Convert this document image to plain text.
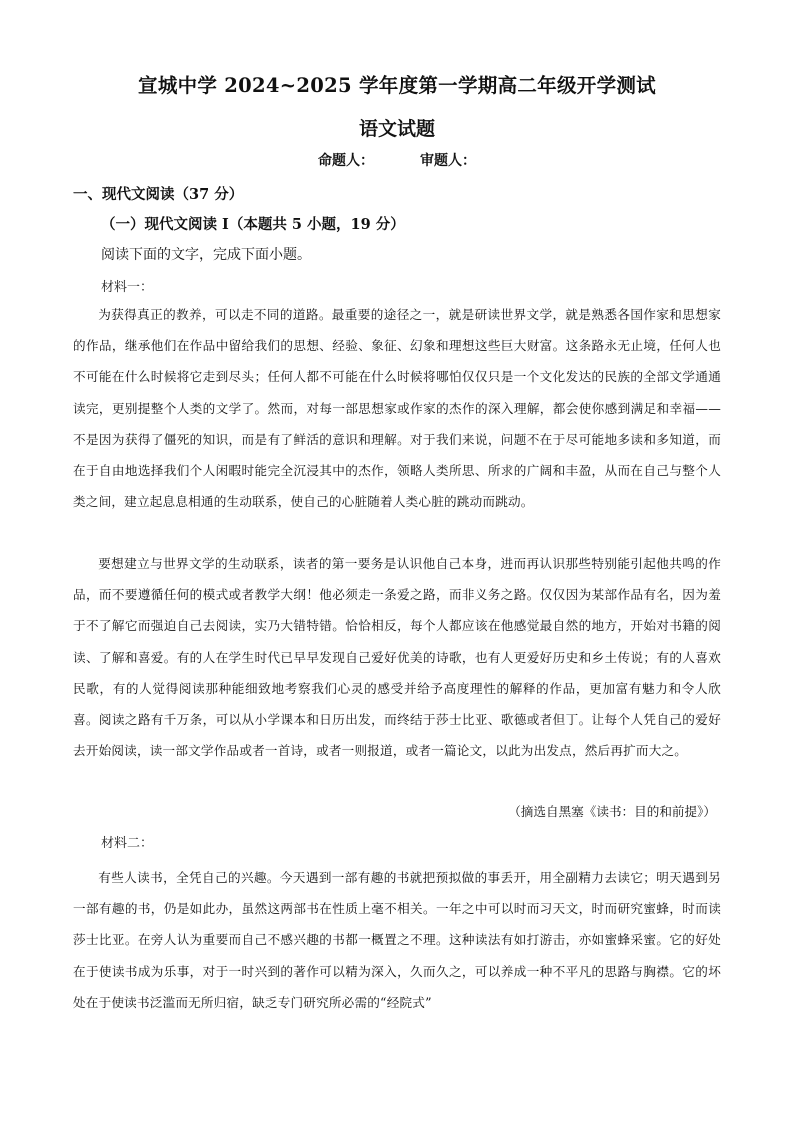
宣城中学 2024~2025 学年度第一学期高二年级开学测试
语文试题
命题人：	审题人：
一、现代文阅读（37 分）
（一）现代文阅读 I（本题共 5 小题，19 分）
阅读下面的文字，完成下面小题。
材料一：
为获得真正的教养，可以走不同的道路。最重要的途径之一，就是研读世界文学，就是熟悉各国作家和思想家的作品，继承他们在作品中留给我们的思想、经验、象征、幻象和理想这些巨大财富。这条路永无止境，任何人也不可能在什么时候将它走到尽头；任何人都不可能在什么时候将哪怕仅仅只是一个文化发达的民族的全部文学通通读完，更别提整个人类的文学了。然而，对每一部思想家或作家的杰作的深入理解，都会使你感到满足和幸福——不是因为获得了僵死的知识，而是有了鲜活的意识和理解。对于我们来说，问题不在于尽可能地多读和多知道，而在于自由地选择我们个人闲暇时能完全沉浸其中的杰作，领略人类所思、所求的广阔和丰盈，从而在自己与整个人类之间，建立起息息相通的生动联系，使自己的心脏随着人类心脏的跳动而跳动。
要想建立与世界文学的生动联系，读者的第一要务是认识他自己本身，进而再认识那些特别能引起他共鸣的作品，而不要遵循任何的模式或者教学大纲！他必须走一条爱之路，而非义务之路。仅仅因为某部作品有名，因为羞于不了解它而强迫自己去阅读，实乃大错特错。恰恰相反，每个人都应该在他感觉最自然的地方，开始对书籍的阅读、了解和喜爱。有的人在学生时代已早早发现自己爱好优美的诗歌，也有人更爱好历史和乡土传说；有的人喜欢民歌，有的人觉得阅读那种能细致地考察我们心灵的感受并给予高度理性的解释的作品，更加富有魅力和令人欣喜。阅读之路有千万条，可以从小学课本和日历出发，而终结于莎士比亚、歌德或者但丁。让每个人凭自己的爱好去开始阅读，读一部文学作品或者一首诗，或者一则报道，或者一篇论文，以此为出发点，然后再扩而大之。
（摘选自黑塞《读书：目的和前提》）
材料二：
有些人读书，全凭自己的兴趣。今天遇到一部有趣的书就把预拟做的事丢开，用全副精力去读它；明天遇到另一部有趣的书，仍是如此办，虽然这两部书在性质上毫不相关。一年之中可以时而习天文，时而研究蜜蜂，时而读莎士比亚。在旁人认为重要而自己不感兴趣的书都一概置之不理。这种读法有如打游击，亦如蜜蜂采蜜。它的好处在于使读书成为乐事，对于一时兴到的著作可以精为深入，久而久之，可以养成一种不平凡的思路与胸襟。它的坏处在于使读书泛滥而无所归宿，缺乏专门研究所必需的“经院式”
